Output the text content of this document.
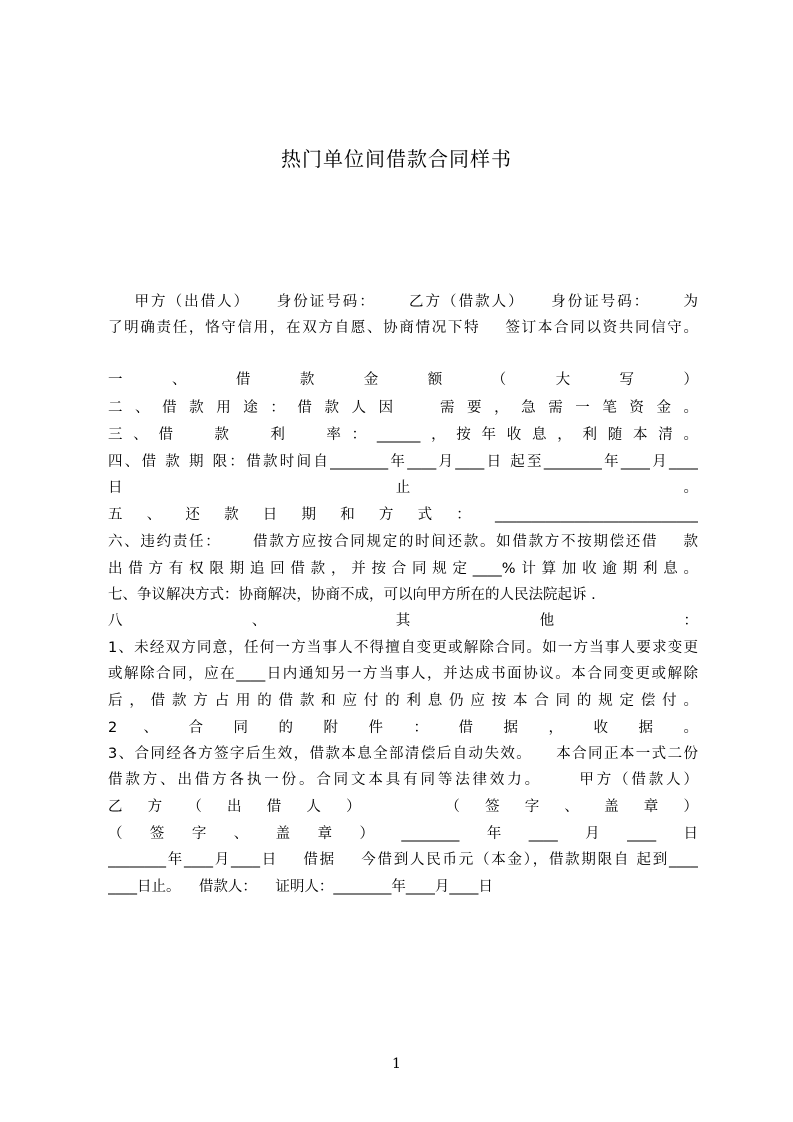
热门单位间借款合同样书
甲方（出借人）    身份证号码：     乙方（借款人）    身份证号码：     为
了明确责任，恪守信用，在双方自愿、协商情况下特    签订本合同以资共同信守。
一   、   借   款   金   额   （   大   写   ）
二、借款用途：借款人因  需要，急需一笔资金。
三、借  款  利  率：______，按年收息，利随本清。
四、借 款 期 限：借款时间自________年____月____日 起至________年____月____
日                                                    止                                                    。
五、还款日期和方式：____________________________
六、违约责任：     借款方应按合同规定的时间还款。如借款方不按期偿还借    款
出借方有权限期追回借款，并按合同规定____%计算加收逾期利息。
七、争议解决方式：协商解决，协商不成，可以向甲方所在的人民法院起诉 .
八        、        其        他        ：
1、未经双方同意，任何一方当事人不得擅自变更或解除合同。如一方当事人要求变更
或解除合同，应在____日内通知另一方当事人，并达成书面协议。本合同变更或解除
后，借款方占用的借款和应付的利息仍应按本合同的规定偿付。
2   、   合   同   的   附   件   ：   借   据   ，   收   据   。
3、合同经各方签字后生效，借款本息全部清偿后自动失效。    本合同正本一式二份
借款方、出借方各执一份。合同文本具有同等法律效力。     甲方（借款人）
乙  方  （  出  借  人  ）        （  签  字  、  盖  章  ）
（签字、盖章）________年____月____日
________年____月____日    借据    今借到人民币元（本金），借款期限自 起到____
____日止。    借款人：    证明人：________年____月____日
1
